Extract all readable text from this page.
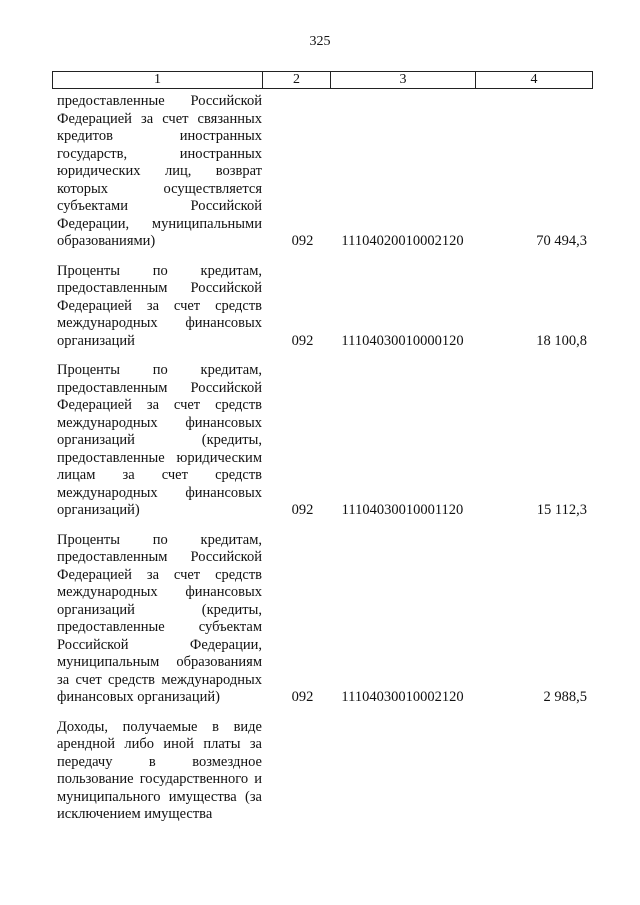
325
1	2	3	4
предоставленные Российской Федерацией за счет связанных кредитов иностранных государств, иностранных юридических лиц, возврат которых осуществляется субъектами Российской Федерации, муниципальными образованиями)	092	11104020010002120	70 494,3
Проценты по кредитам, предоставленным Российской Федерацией за счет средств международных финансовых организаций	092	11104030010000120	18 100,8
Проценты по кредитам, предоставленным Российской Федерацией за счет средств международных финансовых организаций (кредиты, предоставленные юридическим лицам за счет средств международных финансовых организаций)	092	11104030010001120	15 112,3
Проценты по кредитам, предоставленным Российской Федерацией за счет средств международных финансовых организаций (кредиты, предоставленные субъектам Российской Федерации, муниципальным образованиям за счет средств международных финансовых организаций)	092	11104030010002120	2 988,5
Доходы, получаемые в виде арендной либо иной платы за передачу в возмездное пользование государственного и муниципального имущества (за исключением имущества
